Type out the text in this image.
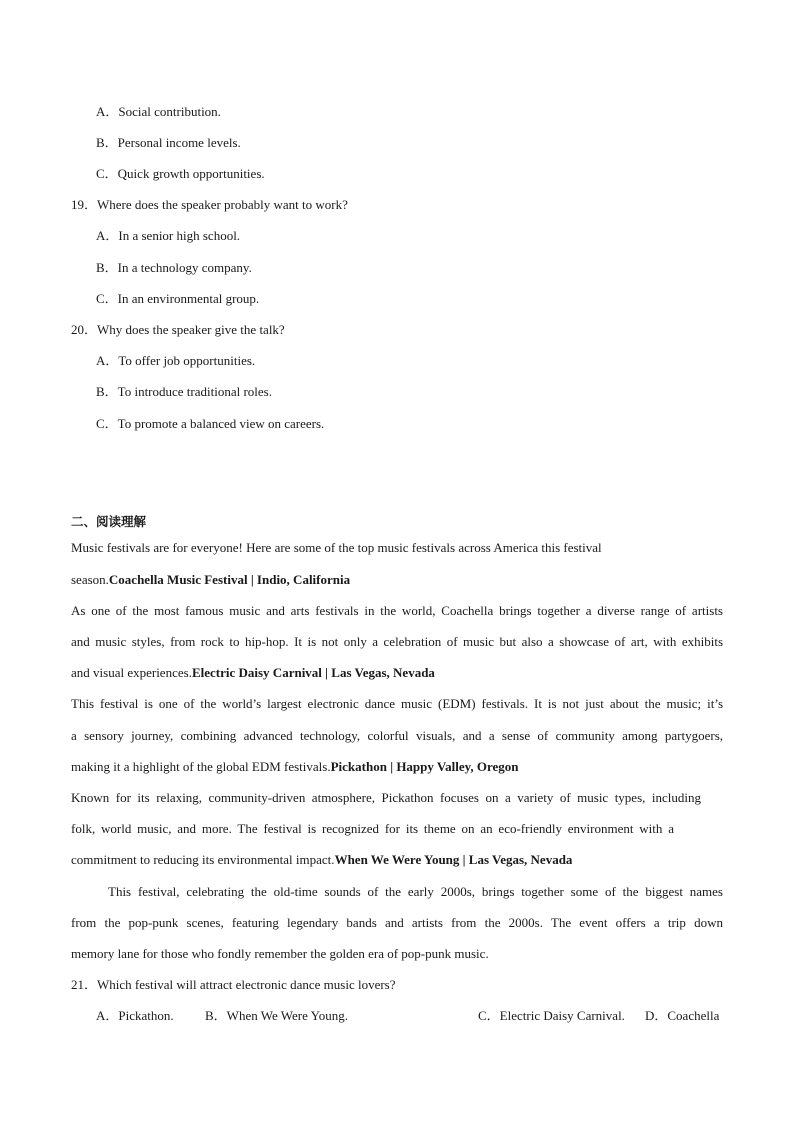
A．Social contribution.
B．Personal income levels.
C．Quick growth opportunities.
19．Where does the speaker probably want to work?
A．In a senior high school.
B．In a technology company.
C．In an environmental group.
20．Why does the speaker give the talk?
A．To offer job opportunities.
B．To introduce traditional roles.
C．To promote a balanced view on careers.
二、阅读理解
Music festivals are for everyone! Here are some of the top music festivals across America this festival
season.Coachella Music Festival | Indio, California
As one of the most famous music and arts festivals in the world, Coachella brings together a diverse range of artists
and music styles, from rock to hip-hop. It is not only a celebration of music but also a showcase of art, with exhibits
and visual experiences.Electric Daisy Carnival | Las Vegas, Nevada
This festival is one of the world’s largest electronic dance music (EDM) festivals. It is not just about the music; it’s
a sensory journey, combining advanced technology, colorful visuals, and a sense of community among partygoers,
making it a highlight of the global EDM festivals.Pickathon | Happy Valley, Oregon
Known for its relaxing, community-driven atmosphere, Pickathon focuses on a variety of music types, including
folk, world music, and more. The festival is recognized for its theme on an eco-friendly environment with a
commitment to reducing its environmental impact.When We Were Young | Las Vegas, Nevada
This festival, celebrating the old-time sounds of the early 2000s, brings together some of the biggest names
from the pop-punk scenes, featuring legendary bands and artists from the 2000s. The event offers a trip down
memory lane for those who fondly remember the golden era of pop-punk music.
21．Which festival will attract electronic dance music lovers?
A．Pickathon. B．When We Were Young.	C．Electric Daisy Carnival. D．Coachella
